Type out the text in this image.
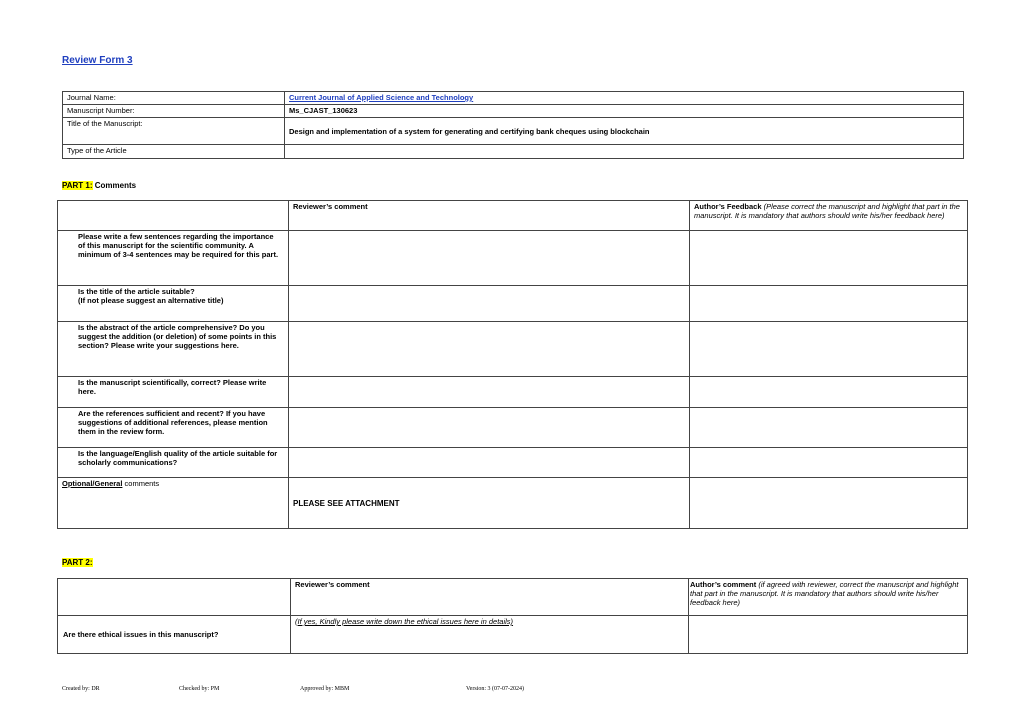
Review Form 3
Journal Name:	Current Journal of Applied Science and Technology
Manuscript Number:	Ms_CJAST_130623
Title of the Manuscript:	Design and implementation of a system for generating and certifying bank cheques using blockchain
Type of the Article	
PART 1: Comments
	Reviewer’s comment	Author’s Feedback (Please correct the manuscript and highlight that part in the manuscript. It is mandatory that authors should write his/her feedback here)
Please write a few sentences regarding the importance of this manuscript for the scientific community. A minimum of 3-4 sentences may be required for this part.		
Is the title of the article suitable?
(If not please suggest an alternative title)		
Is the abstract of the article comprehensive? Do you suggest the addition (or deletion) of some points in this section? Please write your suggestions here.		
Is the manuscript scientifically, correct? Please write here.		
Are the references sufficient and recent? If you have suggestions of additional references, please mention them in the review form.		
Is the language/English quality of the article suitable for scholarly communications?		
Optional/General comments	PLEASE SEE ATTACHMENT	
PART 2:
	Reviewer’s comment	Author’s comment (if agreed with reviewer, correct the manuscript and highlight that part in the manuscript. It is mandatory that authors should write his/her feedback here)
Are there ethical issues in this manuscript?	(If yes, Kindly please write down the ethical issues here in details)	
Created by: DR	Checked by: PM	Approved by: MBM	Version: 3 (07-07-2024)
